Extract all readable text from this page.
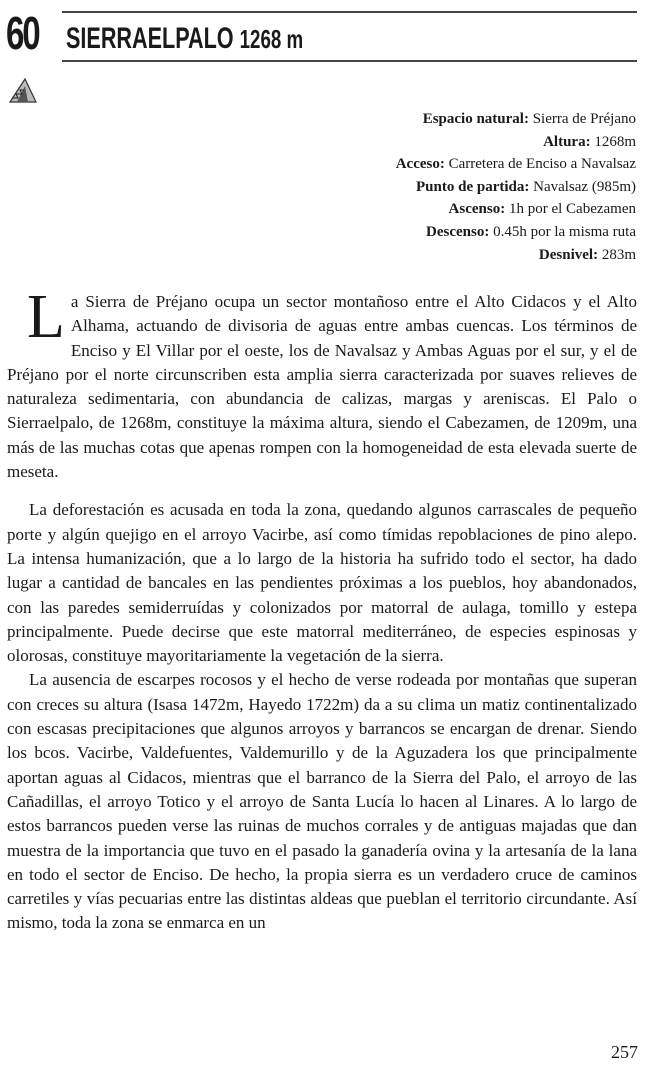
60 SIERRAELPALO 1268 m
Espacio natural: Sierra de Préjano
Altura: 1268m
Acceso: Carretera de Enciso a Navalsaz
Punto de partida: Navalsaz (985m)
Ascenso: 1h por el Cabezamen
Descenso: 0.45h por la misma ruta
Desnivel: 283m

La Sierra de Préjano ocupa un sector montañoso entre el Alto Cidacos y el Alto Alhama, actuando de divisoria de aguas entre ambas cuencas. Los términos de Enciso y El Villar por el oeste, los de Navalsaz y Ambas Aguas por el sur, y el de Préjano por el norte circunscriben esta amplia sierra caracterizada por suaves relieves de naturaleza sedimentaria, con abundancia de calizas, margas y areniscas. El Palo o Sierraelpalo, de 1268m, constituye la máxima altura, siendo el Cabezamen, de 1209m, una más de las muchas cotas que apenas rompen con la homogeneidad de esta elevada suerte de meseta.

La deforestación es acusada en toda la zona, quedando algunos carrascales de pequeño porte y algún quejigo en el arroyo Vacirbe, así como tímidas repoblaciones de pino alepo. La intensa humanización, que a lo largo de la historia ha sufrido todo el sector, ha dado lugar a cantidad de bancales en las pendientes próximas a los pueblos, hoy abandonados, con las paredes semiderruídas y colonizados por matorral de aulaga, tomillo y estepa principalmente. Puede decirse que este matorral mediterráneo, de especies espinosas y olorosas, constituye mayoritariamente la vegetación de la sierra.

La ausencia de escarpes rocosos y el hecho de verse rodeada por montañas que superan con creces su altura (Isasa 1472m, Hayedo 1722m) da a su clima un matiz continentalizado con escasas precipitaciones que algunos arroyos y barrancos se encargan de drenar. Siendo los bcos. Vacirbe, Valdefuentes, Valdemurillo y de la Aguzadera los que principalmente aportan aguas al Cidacos, mientras que el barranco de la Sierra del Palo, el arroyo de las Cañadillas, el arroyo Totico y el arroyo de Santa Lucía lo hacen al Linares. A lo largo de estos barrancos pueden verse las ruinas de muchos corrales y de antiguas majadas que dan muestra de la importancia que tuvo en el pasado la ganadería ovina y la artesanía de la lana en todo el sector de Enciso. De hecho, la propia sierra es un verdadero cruce de caminos carretiles y vías pecuarias entre las distintas aldeas que pueblan el territorio circundante. Así mismo, toda la zona se enmarca en un

257
